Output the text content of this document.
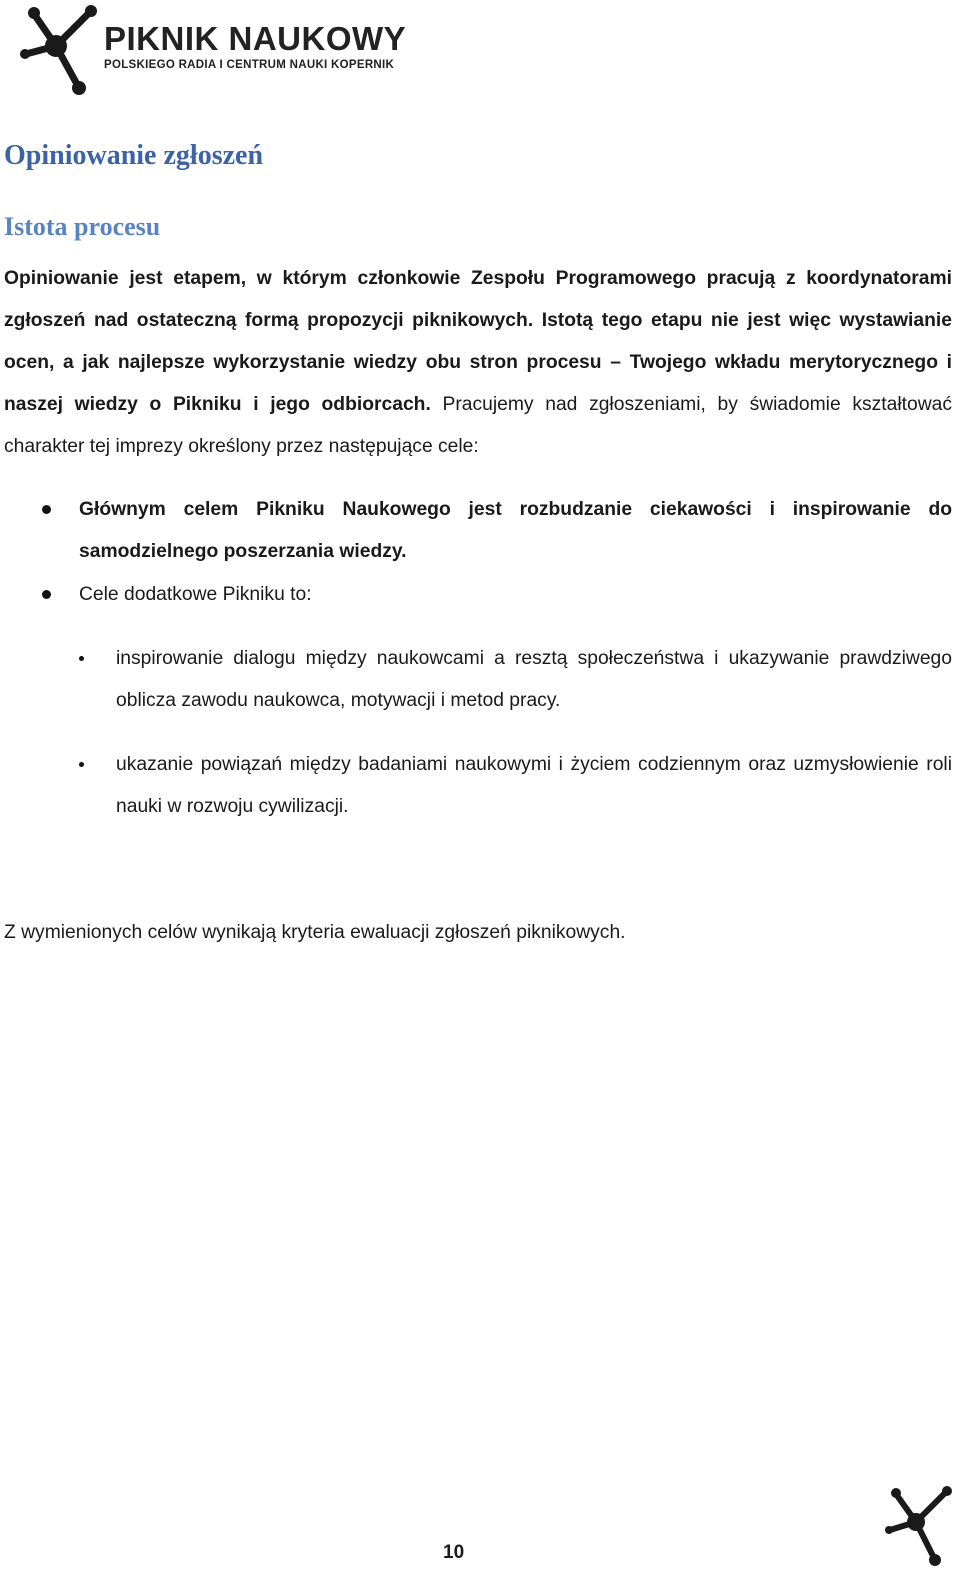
PIKNIK NAUKOWY
POLSKIEGO RADIA I CENTRUM NAUKI KOPERNIK
Opiniowanie zgłoszeń
Istota procesu

Opiniowanie jest etapem, w którym członkowie Zespołu Programowego pracują z koordynatorami zgłoszeń nad ostateczną formą propozycji piknikowych. Istotą tego etapu nie jest więc wystawianie ocen, a jak najlepsze wykorzystanie wiedzy obu stron procesu – Twojego wkładu merytorycznego i naszej wiedzy o Pikniku i jego odbiorcach. Pracujemy nad zgłoszeniami, by świadomie kształtować charakter tej imprezy określony przez następujące cele:

Głównym celem Pikniku Naukowego jest rozbudzanie ciekawości i inspirowanie do samodzielnego poszerzania wiedzy.
Cele dodatkowe Pikniku to:
inspirowanie dialogu między naukowcami a resztą społeczeństwa i ukazywanie prawdziwego oblicza zawodu naukowca, motywacji i metod pracy.
ukazanie powiązań między badaniami naukowymi i życiem codziennym oraz uzmysłowienie roli nauki w rozwoju cywilizacji.

Z wymienionych celów wynikają kryteria ewaluacji zgłoszeń piknikowych.

10
